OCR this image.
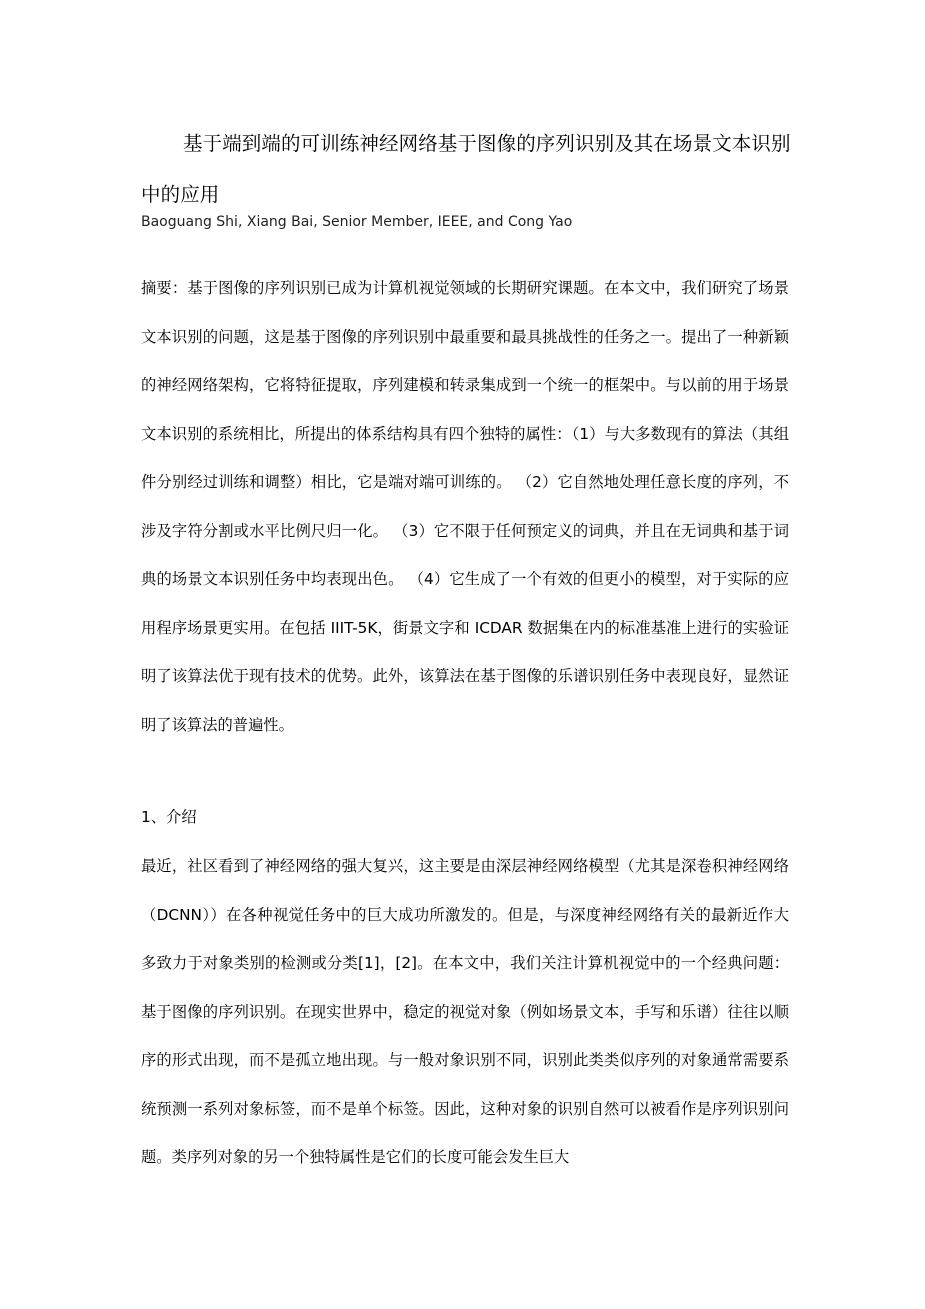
基于端到端的可训练神经网络基于图像的序列识别及其在场景文本识别中的应用

Baoguang Shi, Xiang Bai, Senior Member, IEEE, and Cong Yao

摘要：基于图像的序列识别已成为计算机视觉领域的长期研究课题。在本文中，我们研究了场景文本识别的问题，这是基于图像的序列识别中最重要和最具挑战性的任务之一。提出了一种新颖的神经网络架构，它将特征提取，序列建模和转录集成到一个统一的框架中。与以前的用于场景文本识别的系统相比，所提出的体系结构具有四个独特的属性：（1）与大多数现有的算法（其组件分别经过训练和调整）相比，它是端对端可训练的。 （2）它自然地处理任意长度的序列，不涉及字符分割或水平比例尺归一化。 （3）它不限于任何预定义的词典，并且在无词典和基于词典的场景文本识别任务中均表现出色。 （4）它生成了一个有效的但更小的模型，对于实际的应用程序场景更实用。在包括 IIIT-5K，街景文字和 ICDAR 数据集在内的标准基准上进行的实验证明了该算法优于现有技术的优势。此外，该算法在基于图像的乐谱识别任务中表现良好，显然证明了该算法的普遍性。

1、介绍

最近，社区看到了神经网络的强大复兴，这主要是由深层神经网络模型（尤其是深卷积神经网络（DCNN））在各种视觉任务中的巨大成功所激发的。但是，与深度神经网络有关的最新近作大多致力于对象类别的检测或分类[1]，[2]。在本文中，我们关注计算机视觉中的一个经典问题：基于图像的序列识别。在现实世界中，稳定的视觉对象（例如场景文本，手写和乐谱）往往以顺序的形式出现，而不是孤立地出现。与一般对象识别不同，识别此类类似序列的对象通常需要系统预测一系列对象标签，而不是单个标签。因此，这种对象的识别自然可以被看作是序列识别问题。类序列对象的另一个独特属性是它们的长度可能会发生巨大
